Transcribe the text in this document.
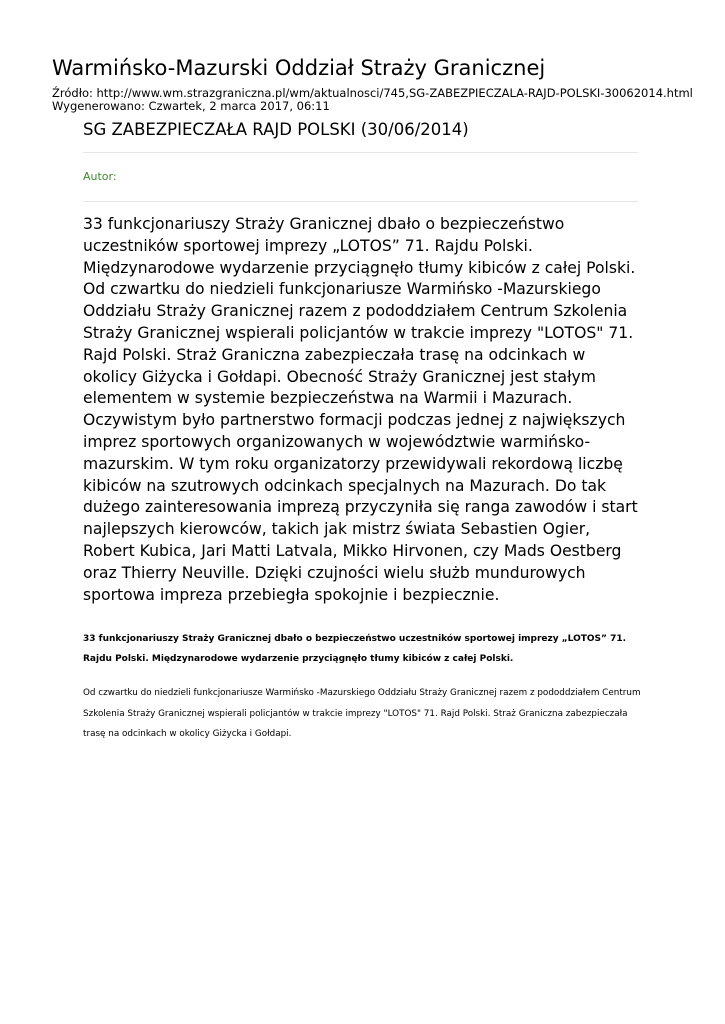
Warmińsko-Mazurski Oddział Straży Granicznej
Źródło: http://www.wm.strazgraniczna.pl/wm/aktualnosci/745,SG-ZABEZPIECZALA-RAJD-POLSKI-30062014.html
Wygenerowano: Czwartek, 2 marca 2017, 06:11
SG ZABEZPIECZAŁA RAJD POLSKI (30/06/2014)
Autor:
33 funkcjonariuszy Straży Granicznej dbało o bezpieczeństwo uczestników sportowej imprezy „LOTOS” 71. Rajdu Polski. Międzynarodowe wydarzenie przyciągnęło tłumy kibiców z całej Polski. Od czwartku do niedzieli funkcjonariusze Warmińsko -Mazurskiego Oddziału Straży Granicznej razem z pododdziałem Centrum Szkolenia Straży Granicznej wspierali policjantów w trakcie imprezy "LOTOS" 71. Rajd Polski. Straż Graniczna zabezpieczała trasę na odcinkach w okolicy Giżycka i Gołdapi. Obecność Straży Granicznej jest stałym elementem w systemie bezpieczeństwa na Warmii i Mazurach. Oczywistym było partnerstwo formacji podczas jednej z największych imprez sportowych organizowanych w województwie warmińsko-mazurskim. W tym roku organizatorzy przewidywali rekordową liczbę kibiców na szutrowych odcinkach specjalnych na Mazurach. Do tak dużego zainteresowania imprezą przyczyniła się ranga zawodów i start najlepszych kierowców, takich jak mistrz świata Sebastien Ogier, Robert Kubica, Jari Matti Latvala, Mikko Hirvonen, czy Mads Oestberg oraz Thierry Neuville. Dzięki czujności wielu służb mundurowych sportowa impreza przebiegła spokojnie i bezpiecznie.
33 funkcjonariuszy Straży Granicznej dbało o bezpieczeństwo uczestników sportowej imprezy „LOTOS” 71. Rajdu Polski. Międzynarodowe wydarzenie przyciągnęło tłumy kibiców z całej Polski.
Od czwartku do niedzieli funkcjonariusze Warmińsko -Mazurskiego Oddziału Straży Granicznej razem z pododdziałem Centrum Szkolenia Straży Granicznej wspierali policjantów w trakcie imprezy "LOTOS" 71. Rajd Polski. Straż Graniczna zabezpieczała trasę na odcinkach w okolicy Giżycka i Gołdapi.
